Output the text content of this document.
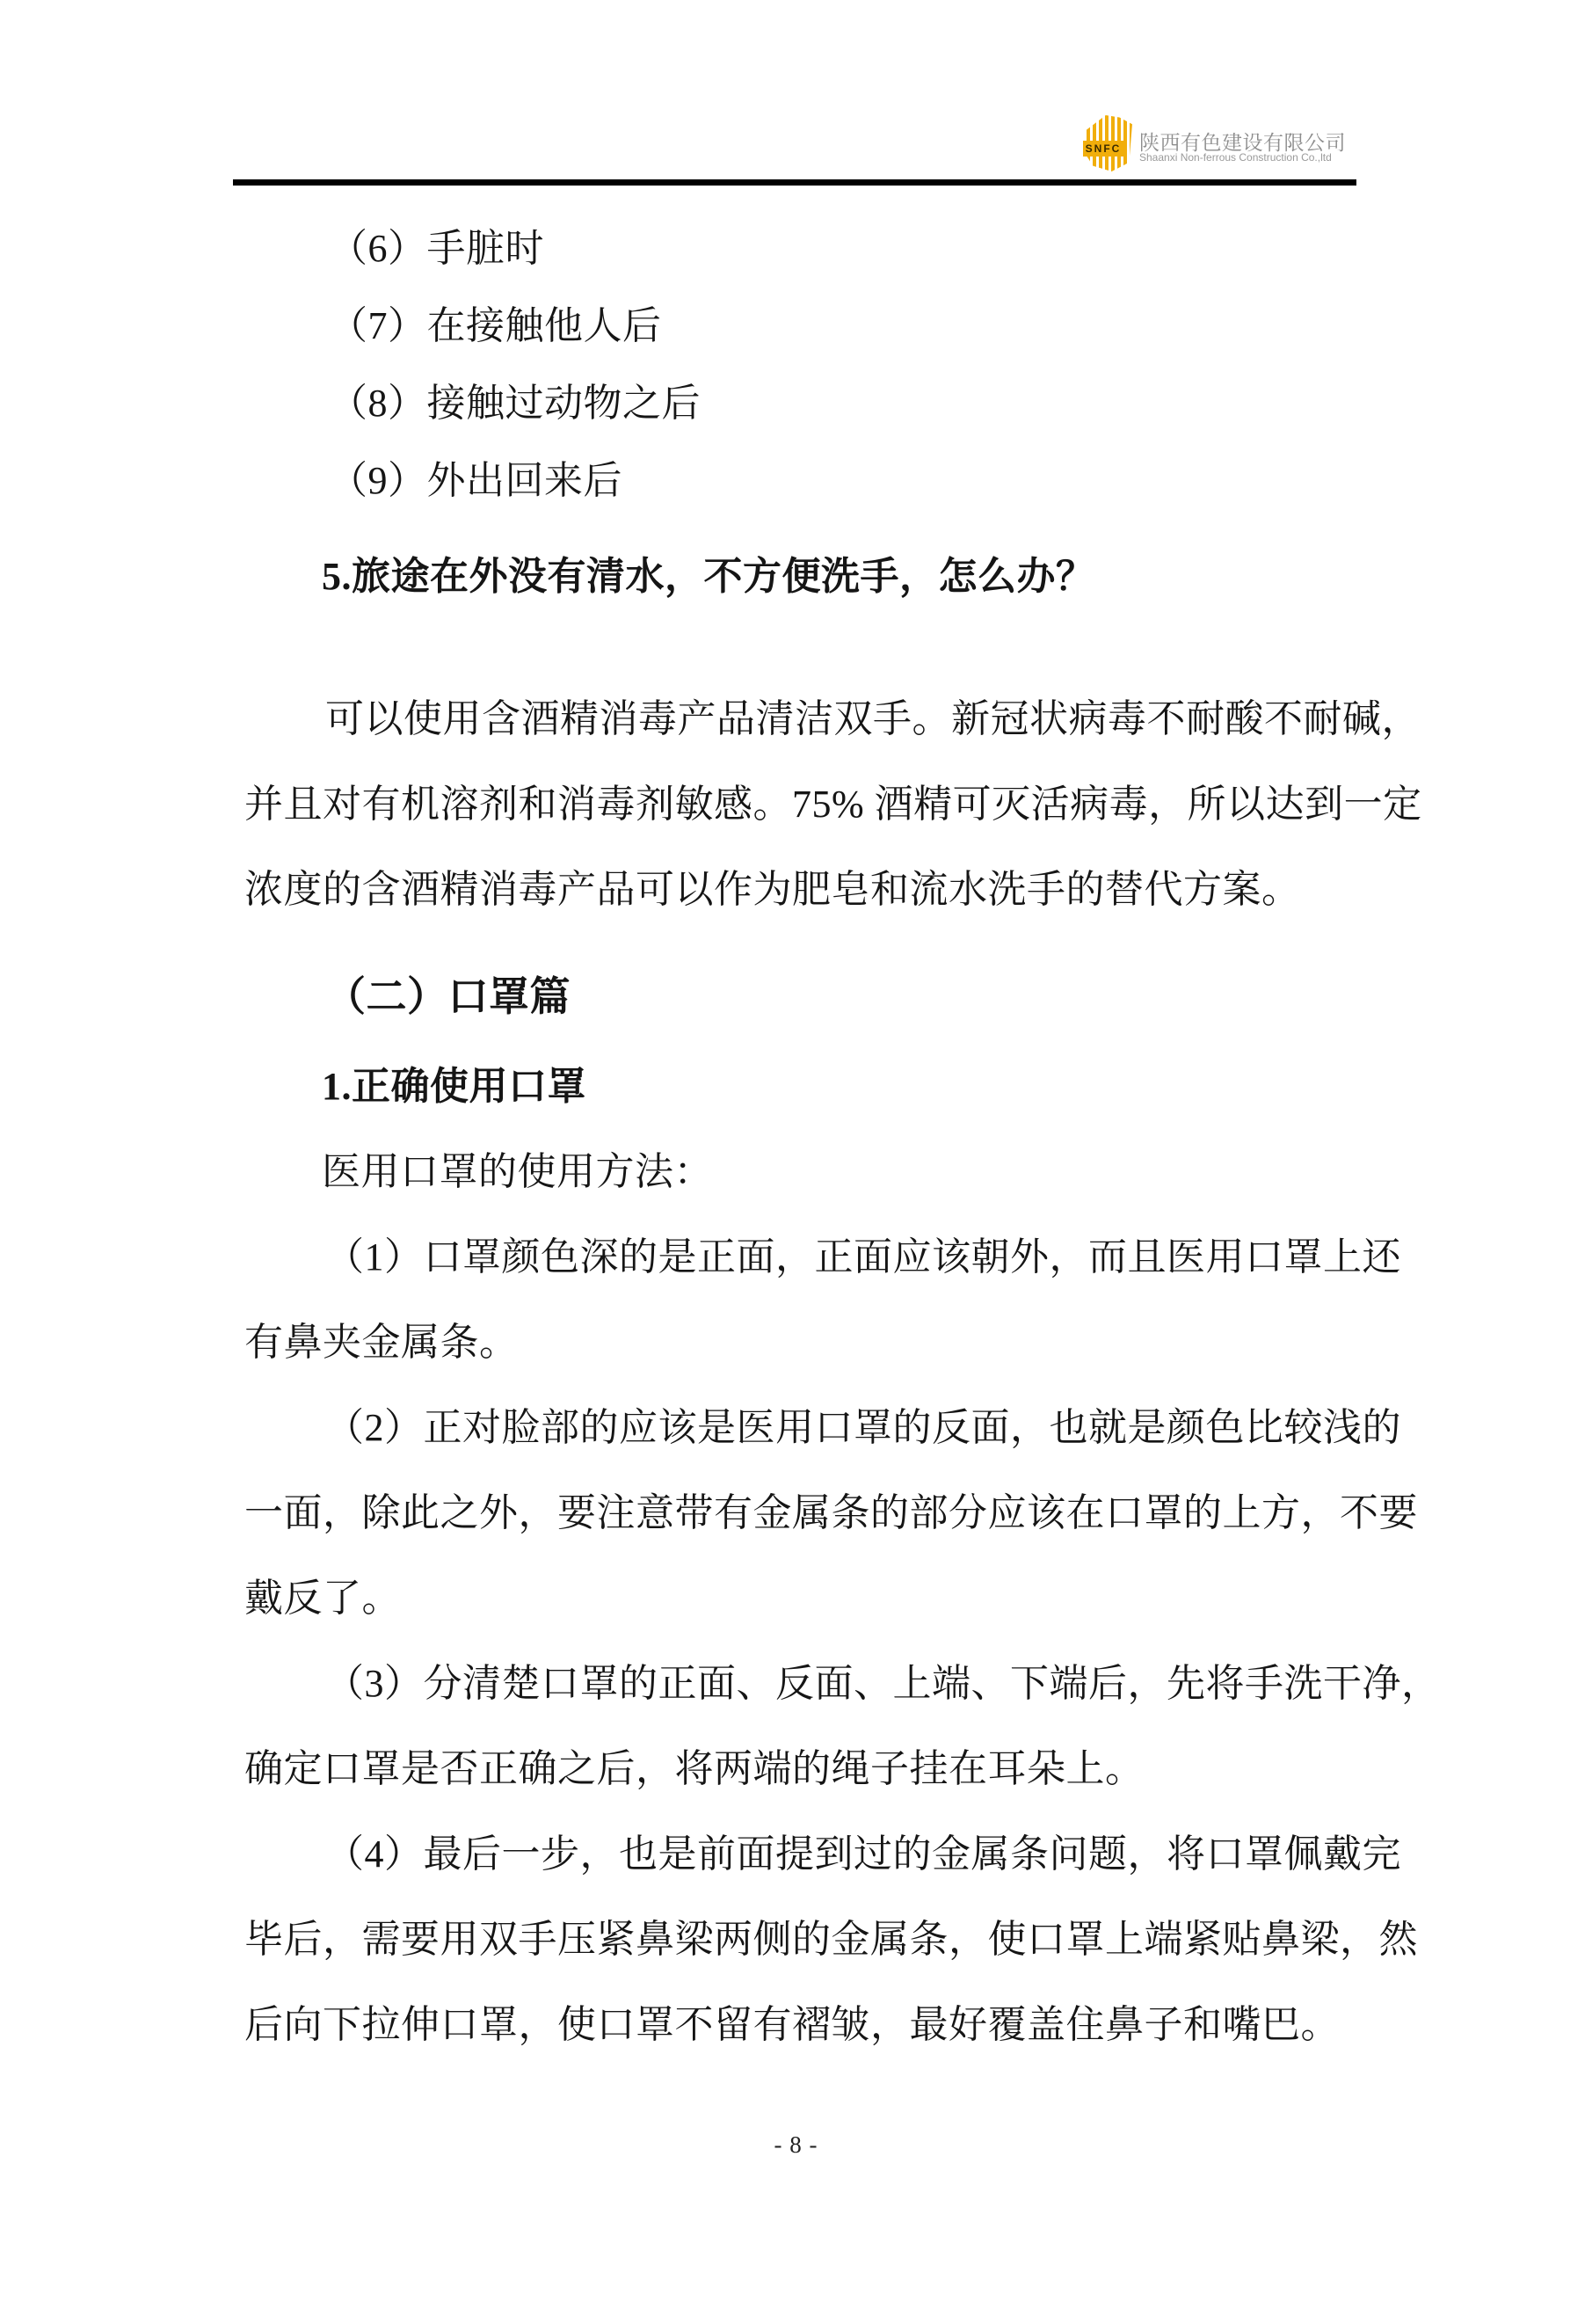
SNFC 陕西有色建设有限公司
Shaanxi Non-ferrous Construction Co.,ltd
（6）手脏时
（7）在接触他人后
（8）接触过动物之后
（9）外出回来后
5.旅途在外没有清水，不方便洗手，怎么办？
可以使用含酒精消毒产品清洁双手。新冠状病毒不耐酸不耐碱，
并且对有机溶剂和消毒剂敏感。75% 酒精可灭活病毒，所以达到一定
浓度的含酒精消毒产品可以作为肥皂和流水洗手的替代方案。
（二）口罩篇
1.正确使用口罩
医用口罩的使用方法：
（1）口罩颜色深的是正面，正面应该朝外，而且医用口罩上还
有鼻夹金属条。
（2）正对脸部的应该是医用口罩的反面，也就是颜色比较浅的
一面，除此之外，要注意带有金属条的部分应该在口罩的上方，不要
戴反了。
（3）分清楚口罩的正面、反面、上端、下端后，先将手洗干净，
确定口罩是否正确之后，将两端的绳子挂在耳朵上。
（4）最后一步，也是前面提到过的金属条问题，将口罩佩戴完
毕后，需要用双手压紧鼻梁两侧的金属条，使口罩上端紧贴鼻梁，然
后向下拉伸口罩，使口罩不留有褶皱，最好覆盖住鼻子和嘴巴。
- 8 -
